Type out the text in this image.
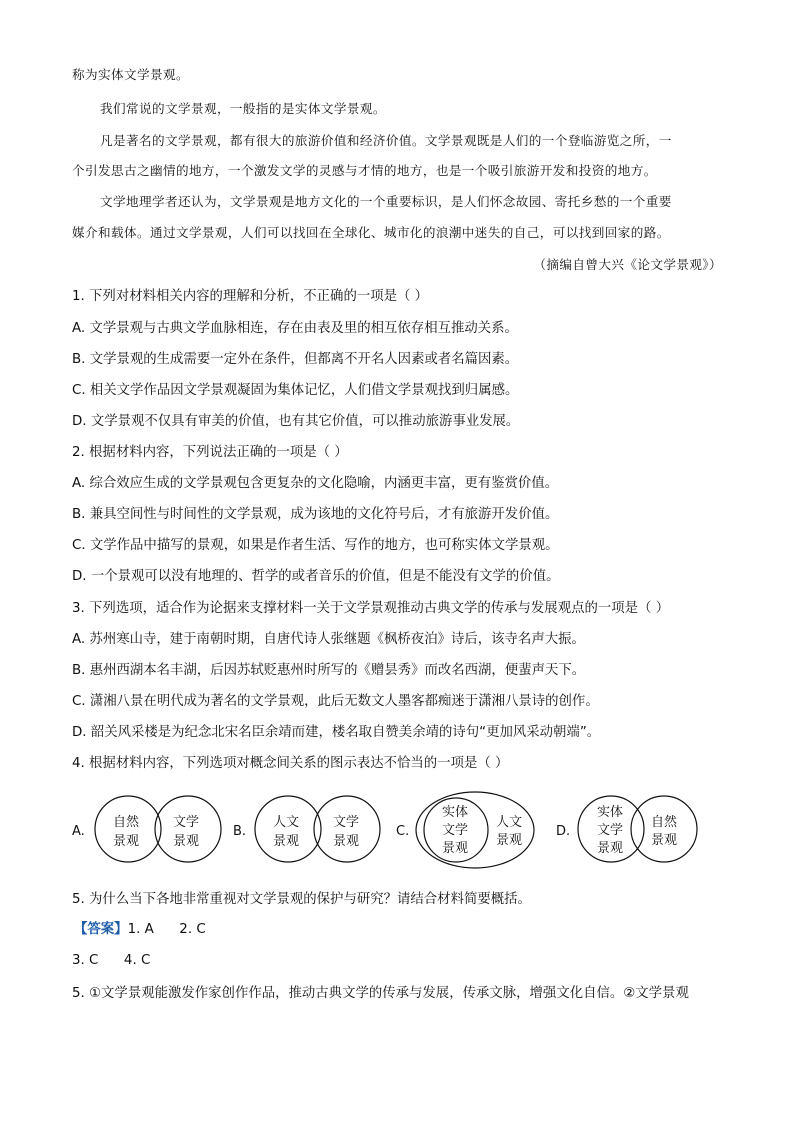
称为实体文学景观。
我们常说的文学景观，一般指的是实体文学景观。
凡是著名的文学景观，都有很大的旅游价值和经济价值。文学景观既是人们的一个登临游览之所，一
个引发思古之幽情的地方，一个激发文学的灵感与才情的地方，也是一个吸引旅游开发和投资的地方。
文学地理学者还认为，文学景观是地方文化的一个重要标识，是人们怀念故园、寄托乡愁的一个重要
媒介和载体。通过文学景观，人们可以找回在全球化、城市化的浪潮中迷失的自己，可以找到回家的路。
（摘编自曾大兴《论文学景观》）
1. 下列对材料相关内容的理解和分析，不正确的一项是（ ）
A. 文学景观与古典文学血脉相连，存在由表及里的相互依存相互推动关系。
B. 文学景观的生成需要一定外在条件，但都离不开名人因素或者名篇因素。
C. 相关文学作品因文学景观凝固为集体记忆，人们借文学景观找到归属感。
D. 文学景观不仅具有审美的价值，也有其它价值，可以推动旅游事业发展。
2. 根据材料内容，下列说法正确的一项是（ ）
A. 综合效应生成的文学景观包含更复杂的文化隐喻，内涵更丰富，更有鉴赏价值。
B. 兼具空间性与时间性的文学景观，成为该地的文化符号后，才有旅游开发价值。
C. 文学作品中描写的景观，如果是作者生活、写作的地方，也可称实体文学景观。
D. 一个景观可以没有地理的、哲学的或者音乐的价值，但是不能没有文学的价值。
3. 下列选项，适合作为论据来支撑材料一关于文学景观推动古典文学的传承与发展观点的一项是（ ）
A. 苏州寒山寺，建于南朝时期，自唐代诗人张继题《枫桥夜泊》诗后，该寺名声大振。
B. 惠州西湖本名丰湖，后因苏轼贬惠州时所写的《赠昙秀》而改名西湖，便蜚声天下。
C. 潇湘八景在明代成为著名的文学景观，此后无数文人墨客都痴迷于潇湘八景诗的创作。
D. 韶关风采楼是为纪念北宋名臣余靖而建，楼名取自赞美余靖的诗句“更加风采动朝端”。
4. 根据材料内容，下列选项对概念间关系的图示表达不恰当的一项是（ ）
A.
自然
景观
文学
景观
B.
人文
景观
文学
景观
C.
实体
文学
景观
人文
景观
D.
实体
文学
景观
自然
景观
5. 为什么当下各地非常重视对文学景观的保护与研究？请结合材料简要概括。
【答案】1. A      2. C
3. C      4. C
5. ①文学景观能激发作家创作作品，推动古典文学的传承与发展，传承文脉，增强文化自信。②文学景观
